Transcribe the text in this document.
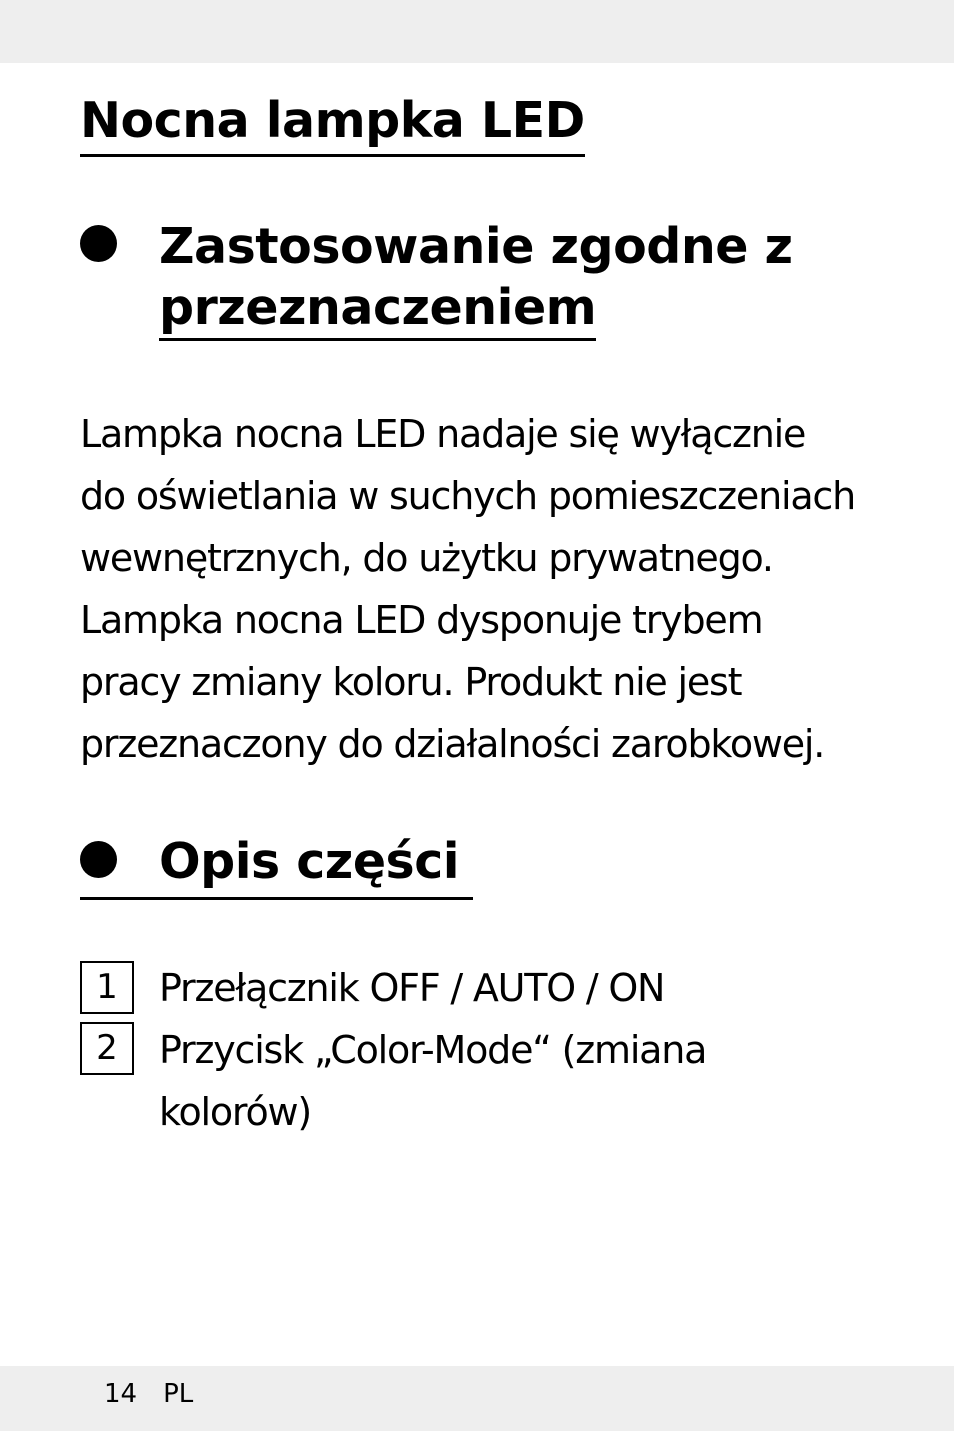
Nocna lampka LED
Zastosowanie zgodne z
przeznaczeniem

Lampka nocna LED nadaje się wyłącznie
do oświetlania w suchych pomieszczeniach
wewnętrznych, do użytku prywatnego.
Lampka nocna LED dysponuje trybem
pracy zmiany koloru. Produkt nie jest
przeznaczony do działalności zarobkowej.

Opis części
1	Przełącznik OFF / AUTO / ON

2	Przycisk „Color-Mode“ (zmiana
kolorów)

14 PL
